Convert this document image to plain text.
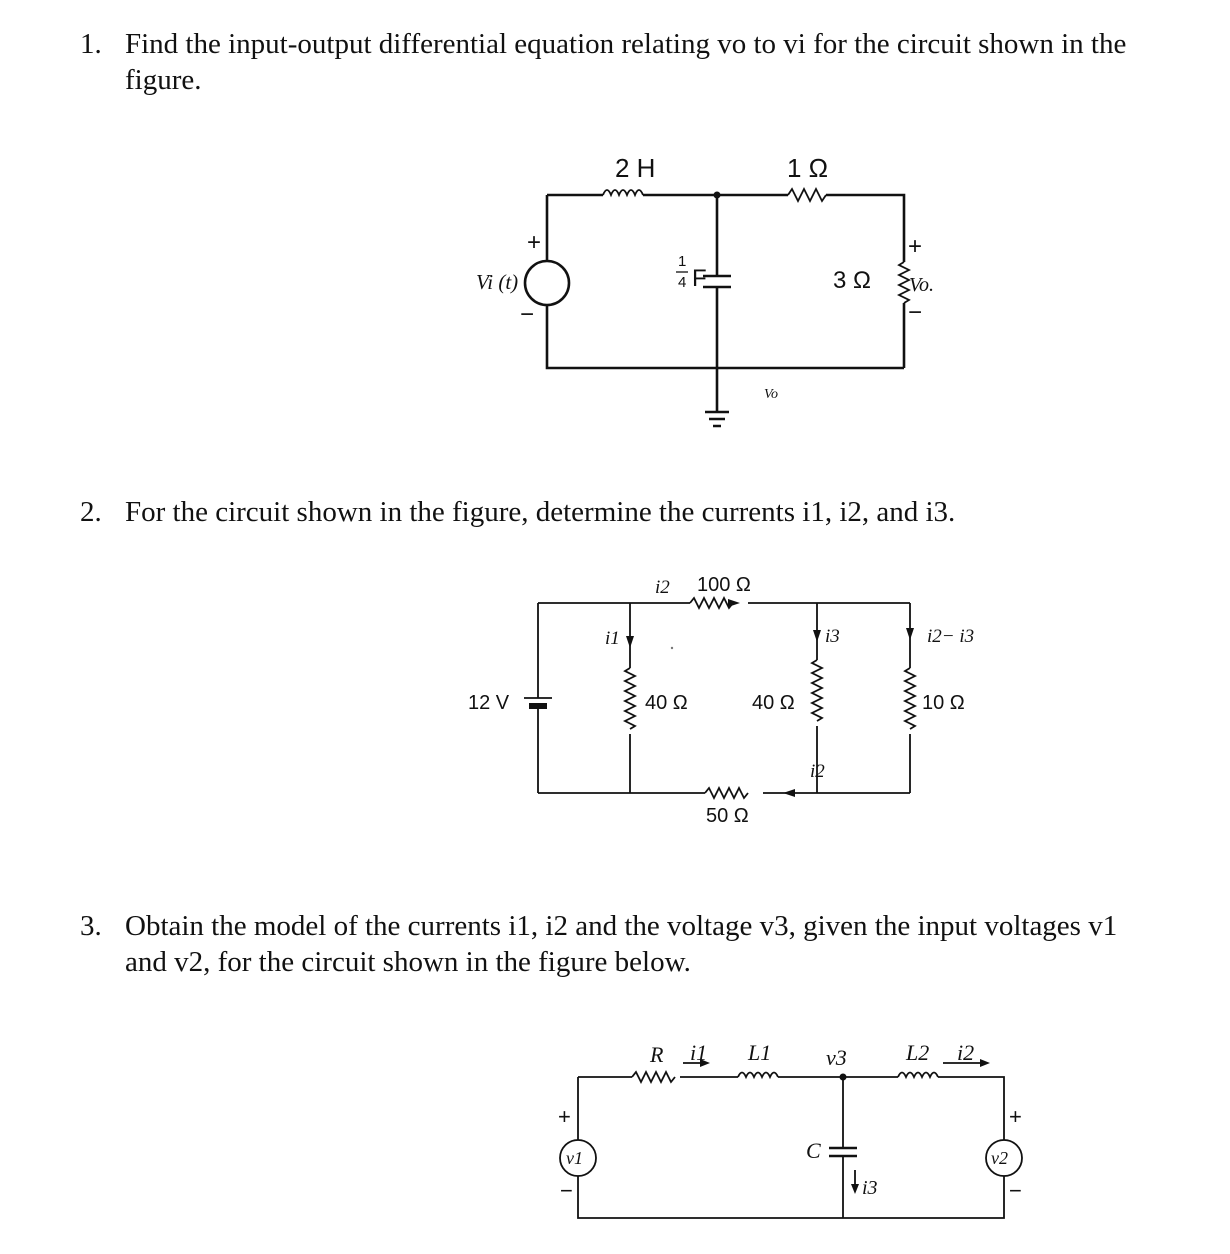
1. Find the input-output differential equation relating vo to vi for the circuit shown in the
figure.
2. For the circuit shown in the figure, determine the currents i1, i2, and i3.
3. Obtain the model of the currents i1, i2 and the voltage v3, given the input voltages v1
and v2, for the circuit shown in the figure below.
2 H	1 Ω
1
4 F	3 Ω
Vi (t)
+
−
Vo.
+
−
Vo
100 Ω
i2
i1	i3	i2− i3
12 V	40 Ω	40 Ω	10 Ω
i2
50 Ω
R i1 L1 v3	L2 i2
v1	v2
C
i3
+
−
+
−
